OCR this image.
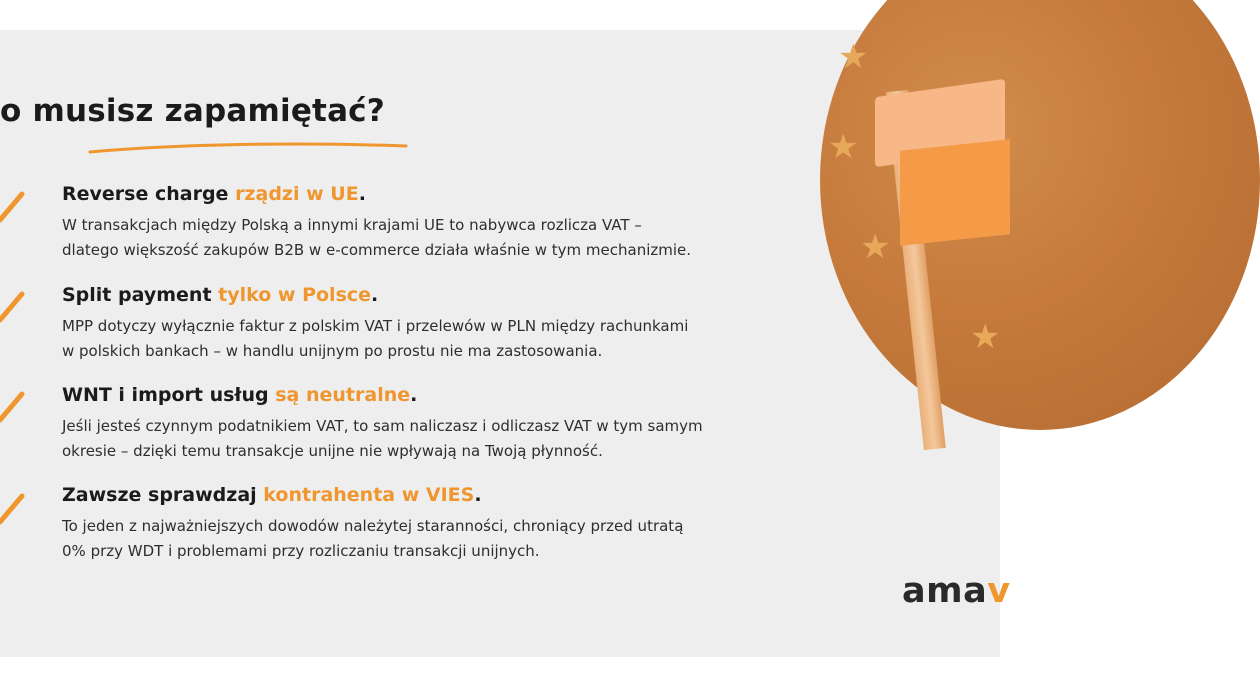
★
★
★
★
o musisz zapamiętać?
Reverse charge rządzi w UE.
W transakcjach między Polską a innymi krajami UE to nabywca rozlicza VAT –
dlatego większość zakupów B2B w e-commerce działa właśnie w tym mechanizmie.
Split payment tylko w Polsce.
MPP dotyczy wyłącznie faktur z polskim VAT i przelewów w PLN między rachunkami
w polskich bankach – w handlu unijnym po prostu nie ma zastosowania.
WNT i import usług są neutralne.
Jeśli jesteś czynnym podatnikiem VAT, to sam naliczasz i odliczasz VAT w tym samym
okresie – dzięki temu transakcje unijne nie wpływają na Twoją płynność.
Zawsze sprawdzaj kontrahenta w VIES.
To jeden z najważniejszych dowodów należytej staranności, chroniący przed utratą
0% przy WDT i problemami przy rozliczaniu transakcji unijnych.
amav
